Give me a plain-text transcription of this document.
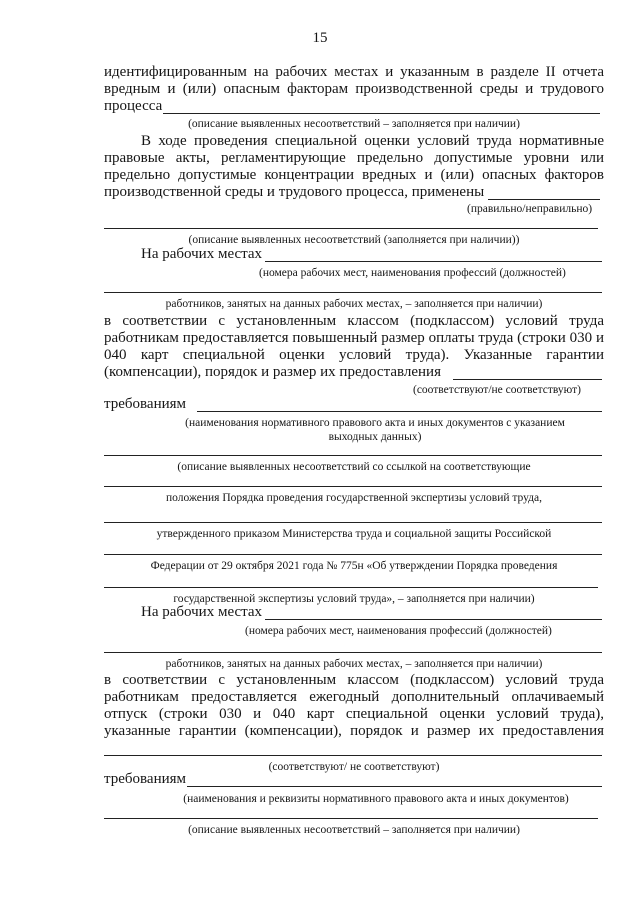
15
идентифицированным на рабочих местах и указанным в разделе II отчета
вредным и (или) опасным факторам производственной среды и трудового
процесса
(описание выявленных несоответствий – заполняется при наличии)
В ходе проведения специальной оценки условий труда нормативные
правовые акты, регламентирующие предельно допустимые уровни или
предельно допустимые концентрации вредных и (или) опасных факторов
производственной среды и трудового процесса, применены
(правильно/неправильно)
(описание выявленных несоответствий (заполняется при наличии))
На рабочих местах
(номера рабочих мест, наименования профессий (должностей)
работников, занятых на данных рабочих местах, – заполняется при наличии)
в соответствии с установленным классом (подклассом) условий труда
работникам предоставляется повышенный размер оплаты труда (строки 030 и
040 карт специальной оценки условий труда). Указанные гарантии
(компенсации), порядок и размер их предоставления
(соответствуют/не соответствуют)
требованиям
(наименования нормативного правового акта и иных документов с указанием
выходных данных)
(описание выявленных несоответствий со ссылкой на соответствующие
положения Порядка проведения государственной экспертизы условий труда,
утвержденного приказом Министерства труда и социальной защиты Российской
Федерации от 29 октября 2021 года № 775н «Об утверждении Порядка проведения
государственной экспертизы условий труда», – заполняется при наличии)
На рабочих местах
(номера рабочих мест, наименования профессий (должностей)
работников, занятых на данных рабочих местах, – заполняется при наличии)
в соответствии с установленным классом (подклассом) условий труда
работникам предоставляется ежегодный дополнительный оплачиваемый
отпуск (строки 030 и 040 карт специальной оценки условий труда),
указанные гарантии (компенсации), порядок и размер их предоставления
(соответствуют/ не соответствуют)
требованиям
(наименования и реквизиты нормативного правового акта и иных документов)
(описание выявленных несоответствий – заполняется при наличии)
